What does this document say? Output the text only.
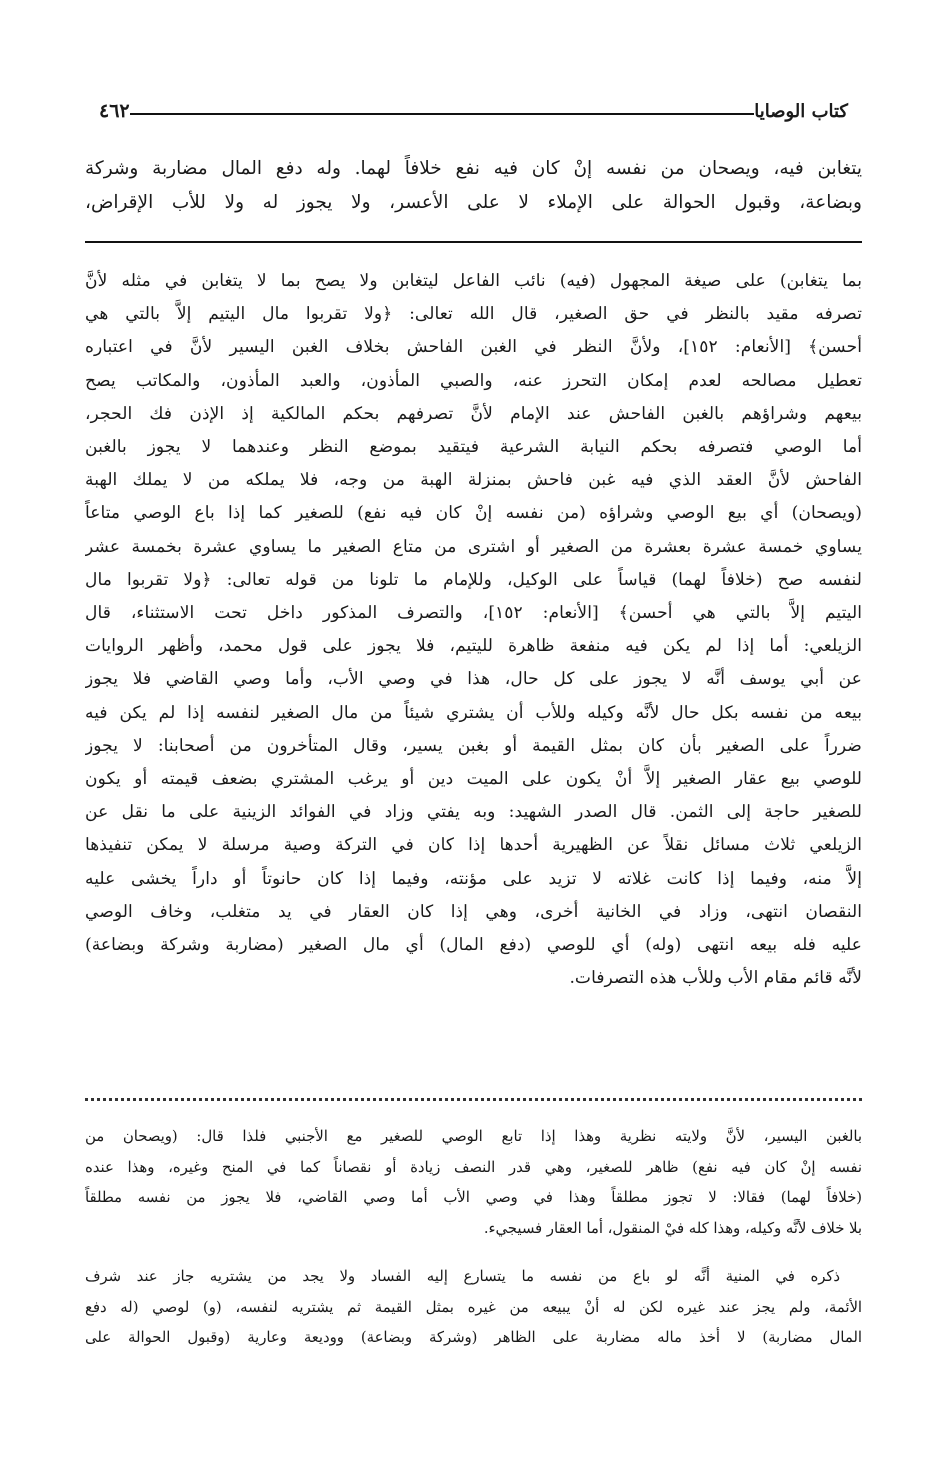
كتاب الوصايا
٤٦٢
يتغابن فيه، ويصحان من نفسه إنْ كان فيه نفع خلافاً لهما. وله دفع المال مضاربة وشركة
وبضاعة، وقبول الحوالة على الإملاء لا على الأعسر، ولا يجوز له ولا للأب الإقراض،
بما يتغابن) على صيغة المجهول (فيه) نائب الفاعل ليتغابن ولا يصح بما لا يتغابن في مثله لأنَّ
تصرفه مقيد بالنظر في حق الصغير، قال الله تعالى: ﴿ولا تقربوا مال اليتيم إلاَّ بالتي هي
أحسن﴾ [الأنعام: ١٥٢]، ولأنَّ النظر في الغبن الفاحش بخلاف الغبن اليسير لأنَّ في اعتباره
تعطيل مصالحه لعدم إمكان التحرز عنه، والصبي المأذون، والعبد المأذون، والمكاتب يصح
بيعهم وشراؤهم بالغبن الفاحش عند الإمام لأنَّ تصرفهم بحكم المالكية إذ الإذن فك الحجر،
أما الوصي فتصرفه بحكم النيابة الشرعية فيتقيد بموضع النظر وعندهما لا يجوز بالغبن
الفاحش لأنَّ العقد الذي فيه غبن فاحش بمنزلة الهبة من وجه، فلا يملكه من لا يملك الهبة
(ويصحان) أي بيع الوصي وشراؤه (من نفسه إنْ كان فيه نفع) للصغير كما إذا باع الوصي متاعاً
يساوي خمسة عشرة بعشرة من الصغير أو اشترى من متاع الصغير ما يساوي عشرة بخمسة عشر
لنفسه صح (خلافاً لهما) قياساً على الوكيل، وللإمام ما تلونا من قوله تعالى: ﴿ولا تقربوا مال
اليتيم إلاَّ بالتي هي أحسن﴾ [الأنعام: ١٥٢]، والتصرف المذكور داخل تحت الاستثناء، قال
الزيلعي: أما إذا لم يكن فيه منفعة ظاهرة لليتيم، فلا يجوز على قول محمد، وأظهر الروايات
عن أبي يوسف أنَّه لا يجوز على كل حال، هذا في وصي الأب، وأما وصي القاضي فلا يجوز
بيعه من نفسه بكل حال لأنَّه وكيله وللأب أن يشتري شيئاً من مال الصغير لنفسه إذا لم يكن فيه
ضرراً على الصغير بأن كان بمثل القيمة أو بغبن يسير، وقال المتأخرون من أصحابنا: لا يجوز
للوصي بيع عقار الصغير إلاَّ أنْ يكون على الميت دين أو يرغب المشتري بضعف قيمته أو يكون
للصغير حاجة إلى الثمن. قال الصدر الشهيد: وبه يفتي وزاد في الفوائد الزينية على ما نقل عن
الزيلعي ثلاث مسائل نقلاً عن الظهيرية أحدها إذا كان في التركة وصية مرسلة لا يمكن تنفيذها
إلاَّ منه، وفيما إذا كانت غلاته لا تزيد على مؤنته، وفيما إذا كان حانوتاً أو داراً يخشى عليه
النقصان انتهى، وزاد في الخانية أخرى، وهي إذا كان العقار في يد متغلب، وخاف الوصي
عليه فله بيعه انتهى (وله) أي للوصي (دفع المال) أي مال الصغير (مضاربة وشركة وبضاعة)
لأنَّه قائم مقام الأب وللأب هذه التصرفات.
بالغبن اليسير، لأنَّ ولايته نظرية وهذا إذا تابع الوصي للصغير مع الأجنبي فلذا قال: (ويصحان من
نفسه إنْ كان فيه نفع) ظاهر للصغير، وهي قدر النصف زيادة أو نقصاناً كما في المنح وغيره، وهذا عنده
(خلافاً لهما) فقالا: لا تجوز مطلقاً وهذا في وصي الأب أما وصي القاضي، فلا يجوز من نفسه مطلقاً
بلا خلاف لأنَّه وكيله، وهذا كله فيْ المنقول، أما العقار فسيجيء.
ذكره في المنية أنَّه لو باع من نفسه ما يتسارع إليه الفساد ولا يجد من يشتريه جاز عند شرف
الأئمة، ولم يجز عند غيره لكن له أنْ يبيعه من غيره بمثل القيمة ثم يشتريه لنفسه، (و) لوصي (له دفع
المال مضاربة) لا أخذ ماله مضاربة على الظاهر (وشركة وبضاعة) ووديعة وعارية (وقبول الحوالة على
